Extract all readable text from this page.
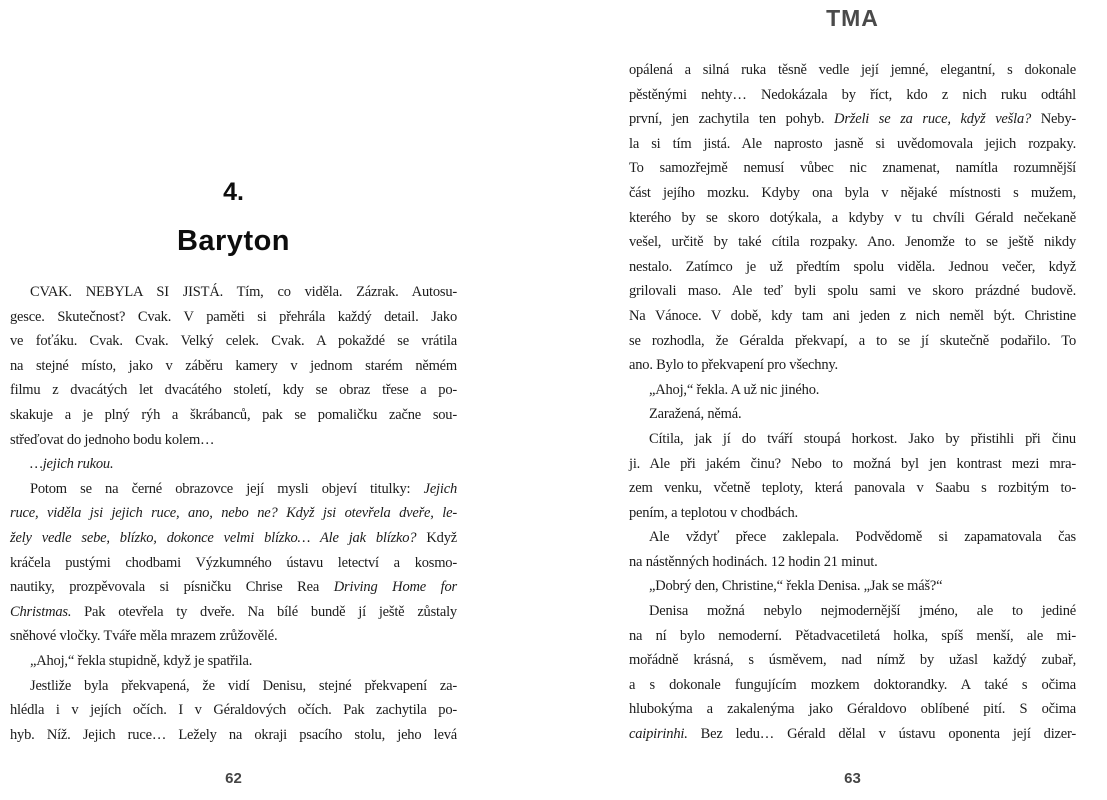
4.
Baryton
CVAK. NEBYLA SI JISTÁ. Tím, co viděla. Zázrak. Autosu-
gesce. Skutečnost? Cvak. V paměti si přehrála každý detail. Jako
ve foťáku. Cvak. Cvak. Velký celek. Cvak. A pokaždé se vrátila
na stejné místo, jako v záběru kamery v jednom starém němém
filmu z dvacátých let dvacátého století, kdy se obraz třese a po-
skakuje a je plný rýh a škrábanců, pak se pomaličku začne sou-
střeďovat do jednoho bodu kolem…
…jejich rukou.
Potom se na černé obrazovce její mysli objeví titulky: Jejich
ruce, viděla jsi jejich ruce, ano, nebo ne? Když jsi otevřela dveře, le-
žely vedle sebe, blízko, dokonce velmi blízko… Ale jak blízko? Když
kráčela pustými chodbami Výzkumného ústavu letectví a kosmo-
nautiky, prozpěvovala si písničku Chrise Rea Driving Home for
Christmas. Pak otevřela ty dveře. Na bílé bundě jí ještě zůstaly
sněhové vločky. Tváře měla mrazem zrůžovělé.
„Ahoj,“ řekla stupidně, když je spatřila.
Jestliže byla překvapená, že vidí Denisu, stejné překvapení za-
hlédla i v jejích očích. I v Géraldových očích. Pak zachytila po-
hyb. Níž. Jejich ruce… Ležely na okraji psacího stolu, jeho levá
62
TMA
opálená a silná ruka těsně vedle její jemné, elegantní, s dokonale
pěstěnými nehty… Nedokázala by říct, kdo z nich ruku odtáhl
první, jen zachytila ten pohyb. Drželi se za ruce, když vešla? Neby-
la si tím jistá. Ale naprosto jasně si uvědomovala jejich rozpaky.
To samozřejmě nemusí vůbec nic znamenat, namítla rozumnější
část jejího mozku. Kdyby ona byla v nějaké místnosti s mužem,
kterého by se skoro dotýkala, a kdyby v tu chvíli Gérald nečekaně
vešel, určitě by také cítila rozpaky. Ano. Jenomže to se ještě nikdy
nestalo. Zatímco je už předtím spolu viděla. Jednou večer, když
grilovali maso. Ale teď byli spolu sami ve skoro prázdné budově.
Na Vánoce. V době, kdy tam ani jeden z nich neměl být. Christine
se rozhodla, že Géralda překvapí, a to se jí skutečně podařilo. To
ano. Bylo to překvapení pro všechny.
„Ahoj,“ řekla. A už nic jiného.
Zaražená, němá.
Cítila, jak jí do tváří stoupá horkost. Jako by přistihli při činu
ji. Ale při jakém činu? Nebo to možná byl jen kontrast mezi mra-
zem venku, včetně teploty, která panovala v Saabu s rozbitým to-
pením, a teplotou v chodbách.
Ale vždyť přece zaklepala. Podvědomě si zapamatovala čas
na nástěnných hodinách. 12 hodin 21 minut.
„Dobrý den, Christine,“ řekla Denisa. „Jak se máš?“
Denisa možná nebylo nejmodernější jméno, ale to jediné
na ní bylo nemoderní. Pětadvacetiletá holka, spíš menší, ale mi-
mořádně krásná, s úsměvem, nad nímž by užasl každý zubař,
a s dokonale fungujícím mozkem doktorandky. A také s očima
hlubokýma a zakalenýma jako Géraldovo oblíbené pití. S očima
caipirinhi. Bez ledu… Gérald dělal v ústavu oponenta její dizer-
63
